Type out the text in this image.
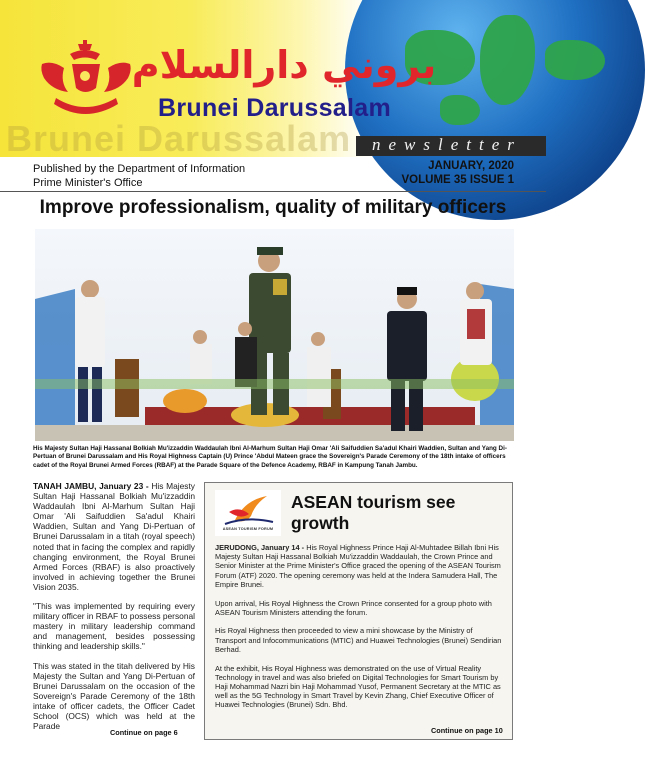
Brunei Darussalam
بروني دارالسلام
Brunei Darussalam
newsletter
Published by the Department of Information
Prime Minister's Office
JANUARY, 2020
VOLUME 35 ISSUE 1
Improve professionalism, quality of military officers
His Majesty Sultan Haji Hassanal Bolkiah Mu'izzaddin Waddaulah Ibni Al-Marhum Sultan Haji Omar 'Ali Saifuddien Sa'adul Khairi Waddien, Sultan and Yang Di-Pertuan of Brunei Darussalam and His Royal Highness Captain (U) Prince 'Abdul Mateen grace the Sovereign's Parade Ceremony of the 18th intake of officers cadet of the Royal Brunei Armed Forces (RBAF) at the Parade Square of the Defence Academy, RBAF in Kampung Tanah Jambu.

TANAH JAMBU, January 23 - His Majesty Sultan Haji Hassanal Bolkiah Mu'izzaddin Waddaulah Ibni Al-Marhum Sultan Haji Omar 'Ali Saifuddien Sa'adul Khairi Waddien, Sultan and Yang Di-Pertuan of Brunei Darussalam in a titah (royal speech) noted that in facing the complex and rapidly changing environment, the Royal Brunei Armed Forces (RBAF) is also proactively involved in achieving together the Brunei Vision 2035.

"This was implemented by requiring every military officer in RBAF to possess personal mastery in military leadership command and management, besides possessing thinking and leadership skills."

This was stated in the titah delivered by His Majesty the Sultan and Yang Di-Pertuan of Brunei Darussalam on the occasion of the Sovereign's Parade Ceremony of the 18th intake of officer cadets, the Officer Cadet School (OCS) which was held at the Parade

Continue on page 6
ASEAN TOURISM FORUM
ASEAN tourism see growth

JERUDONG, January 14 - His Royal Highness Prince Haji Al-Muhtadee Billah Ibni His Majesty Sultan Haji Hassanal Bolkiah Mu'izzaddin Waddaulah, the Crown Prince and Senior Minister at the Prime Minister's Office graced the opening of the ASEAN Tourism Forum (ATF) 2020. The opening ceremony was held at the Indera Samudera Hall, The Empire Brunei.

Upon arrival, His Royal Highness the Crown Prince consented for a group photo with ASEAN Tourism Ministers attending the forum.

His Royal Highness then proceeded to view a mini showcase by the Ministry of Transport and Infocommunications (MTIC) and Huawei Technologies (Brunei) Sendirian Berhad.

At the exhibit, His Royal Highness was demonstrated on the use of Virtual Reality Technology in travel and was also briefed on Digital Technologies for Smart Tourism by Haji Mohammad Nazri bin Haji Mohammad Yusof, Permanent Secretary at the MTIC as well as the 5G Technology in Smart Travel by Kevin Zhang, Chief Executive Officer of Huawei Technologies (Brunei) Sdn. Bhd.

Continue on page 10
